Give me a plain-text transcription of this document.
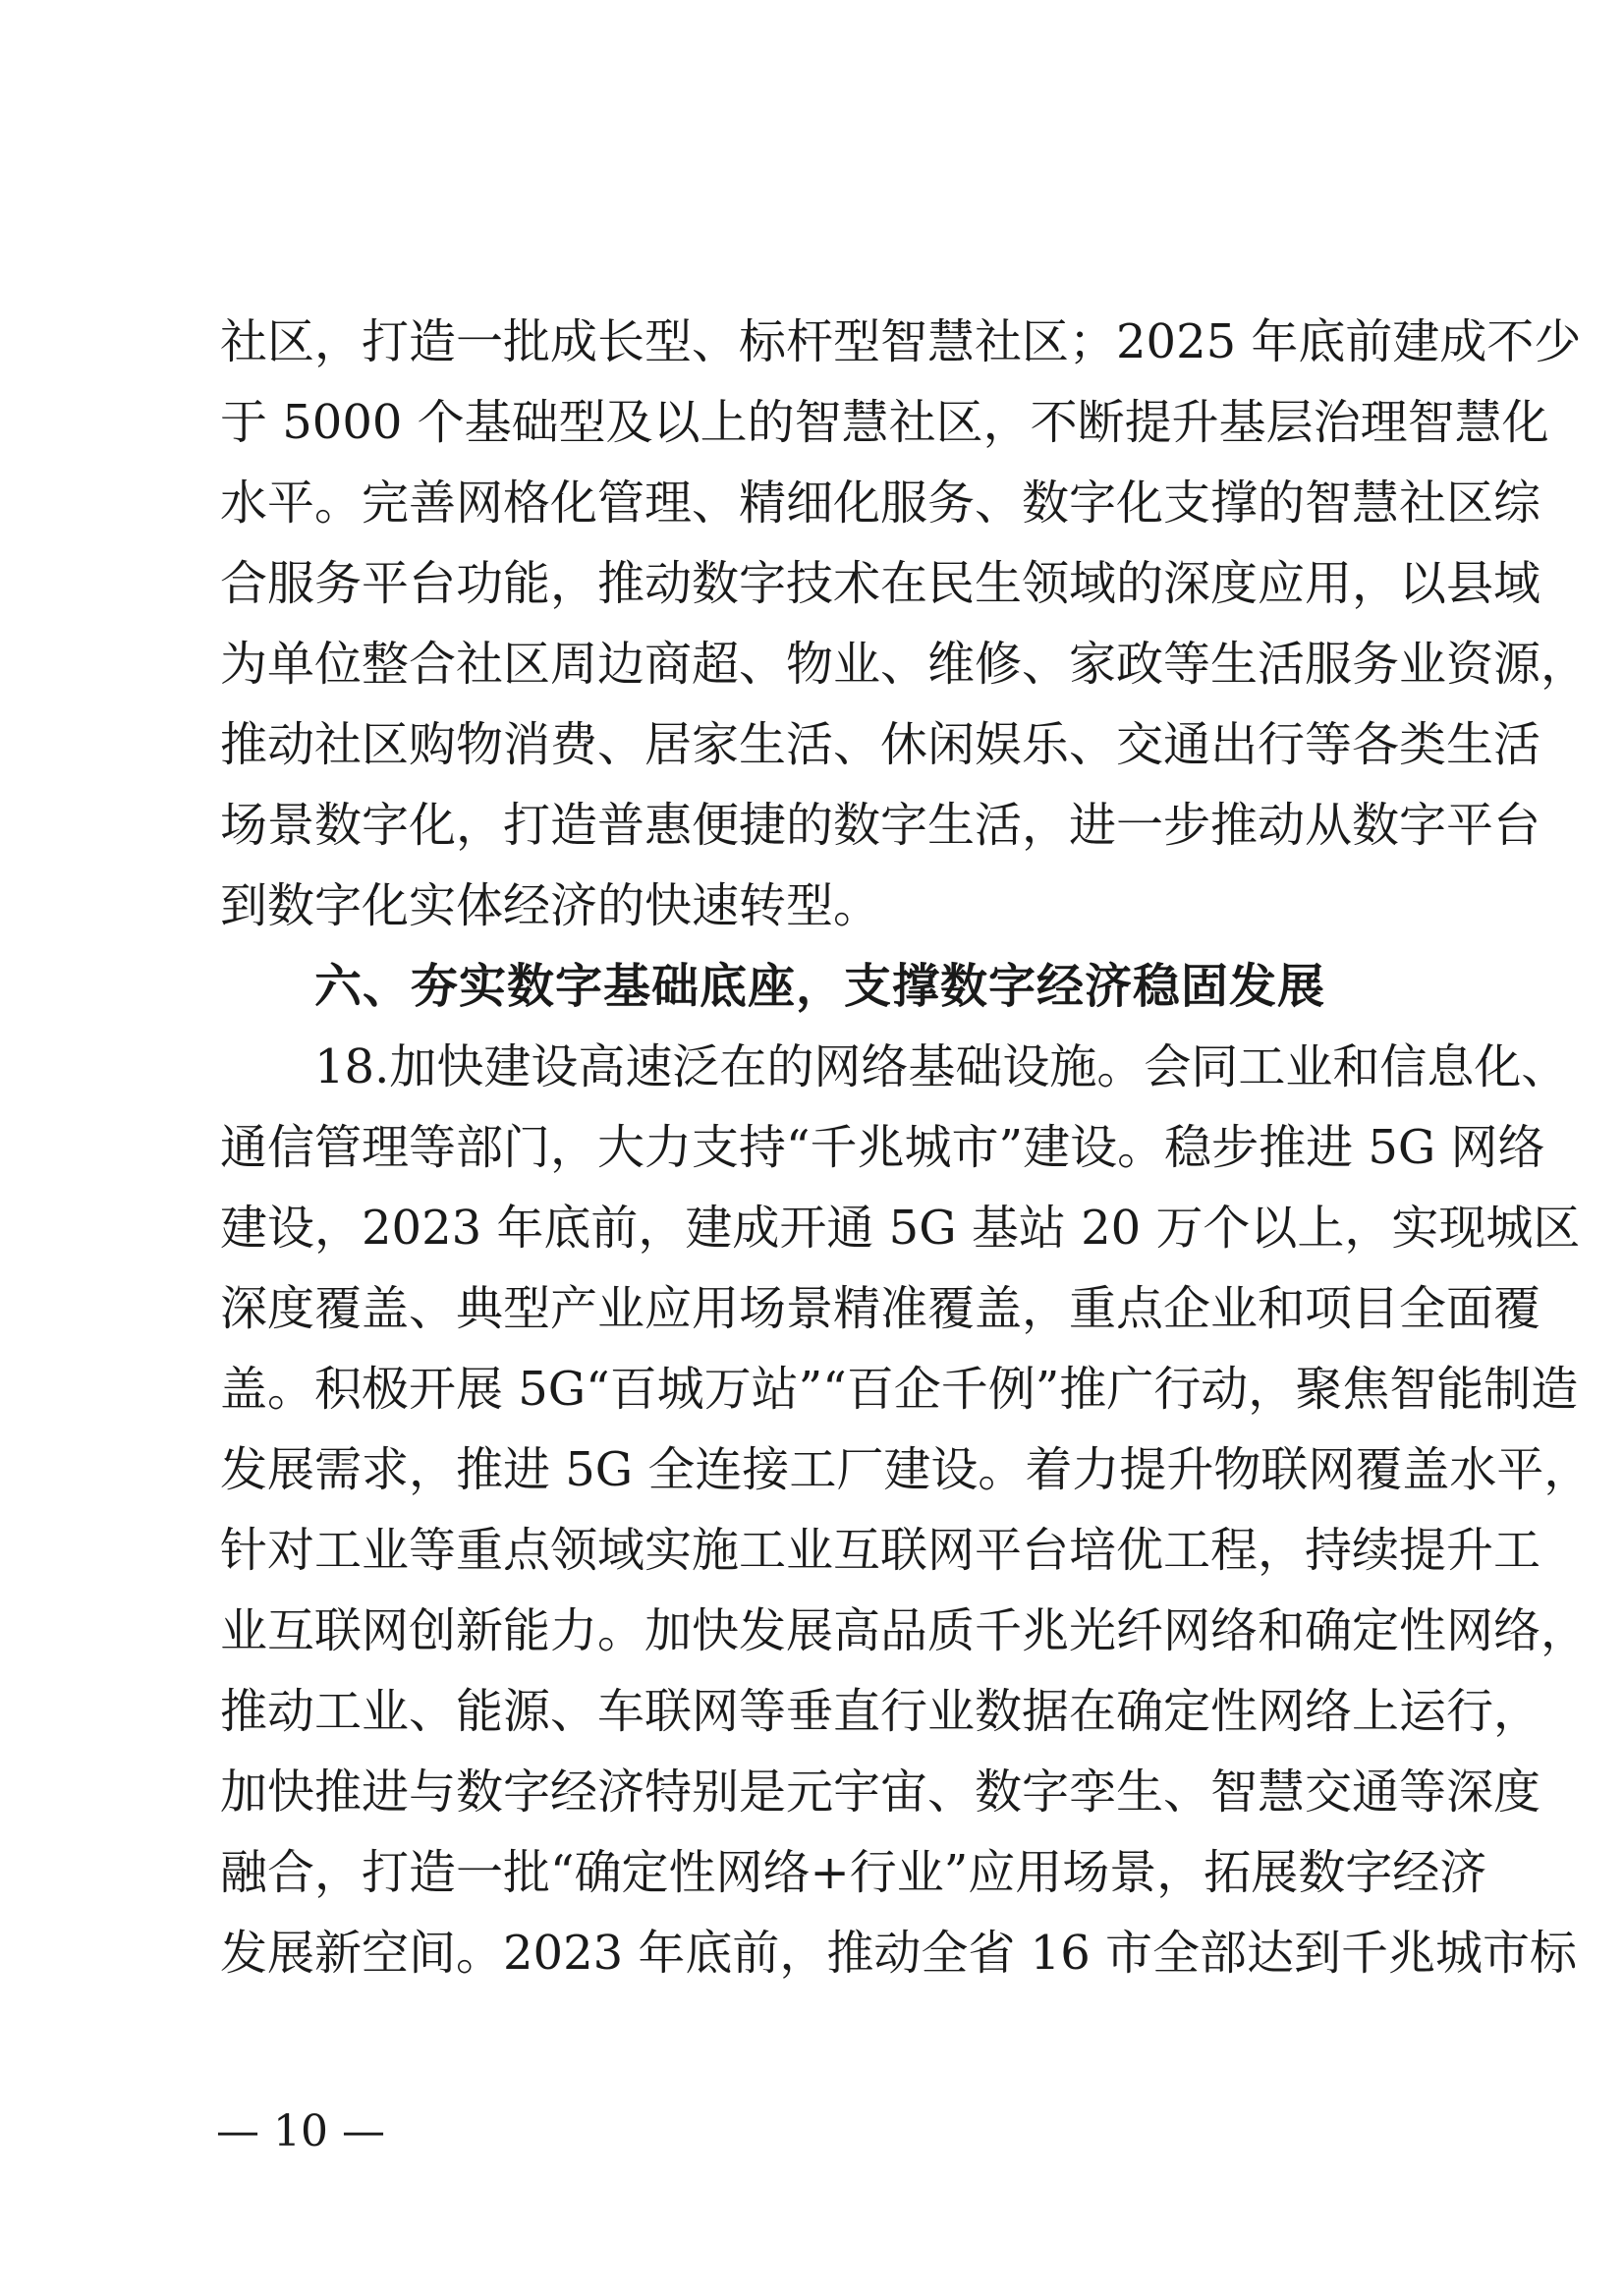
社区，打造一批成长型、标杆型智慧社区；2025 年底前建成不少
于 5000 个基础型及以上的智慧社区，不断提升基层治理智慧化
水平。完善网格化管理、精细化服务、数字化支撑的智慧社区综
合服务平台功能，推动数字技术在民生领域的深度应用，以县域
为单位整合社区周边商超、物业、维修、家政等生活服务业资源，
推动社区购物消费、居家生活、休闲娱乐、交通出行等各类生活
场景数字化，打造普惠便捷的数字生活，进一步推动从数字平台
到数字化实体经济的快速转型。
六、夯实数字基础底座，支撑数字经济稳固发展
18.加快建设高速泛在的网络基础设施。会同工业和信息化、
通信管理等部门，大力支持“千兆城市”建设。稳步推进 5G 网络
建设，2023 年底前，建成开通 5G 基站 20 万个以上，实现城区
深度覆盖、典型产业应用场景精准覆盖，重点企业和项目全面覆
盖。积极开展 5G“百城万站”“百企千例”推广行动，聚焦智能制造
发展需求，推进 5G 全连接工厂建设。着力提升物联网覆盖水平，
针对工业等重点领域实施工业互联网平台培优工程，持续提升工
业互联网创新能力。加快发展高品质千兆光纤网络和确定性网络，
推动工业、能源、车联网等垂直行业数据在确定性网络上运行，
加快推进与数字经济特别是元宇宙、数字孪生、智慧交通等深度
融合，打造一批“确定性网络+行业”应用场景，拓展数字经济
发展新空间。2023 年底前，推动全省 16 市全部达到千兆城市标
— 10 —
